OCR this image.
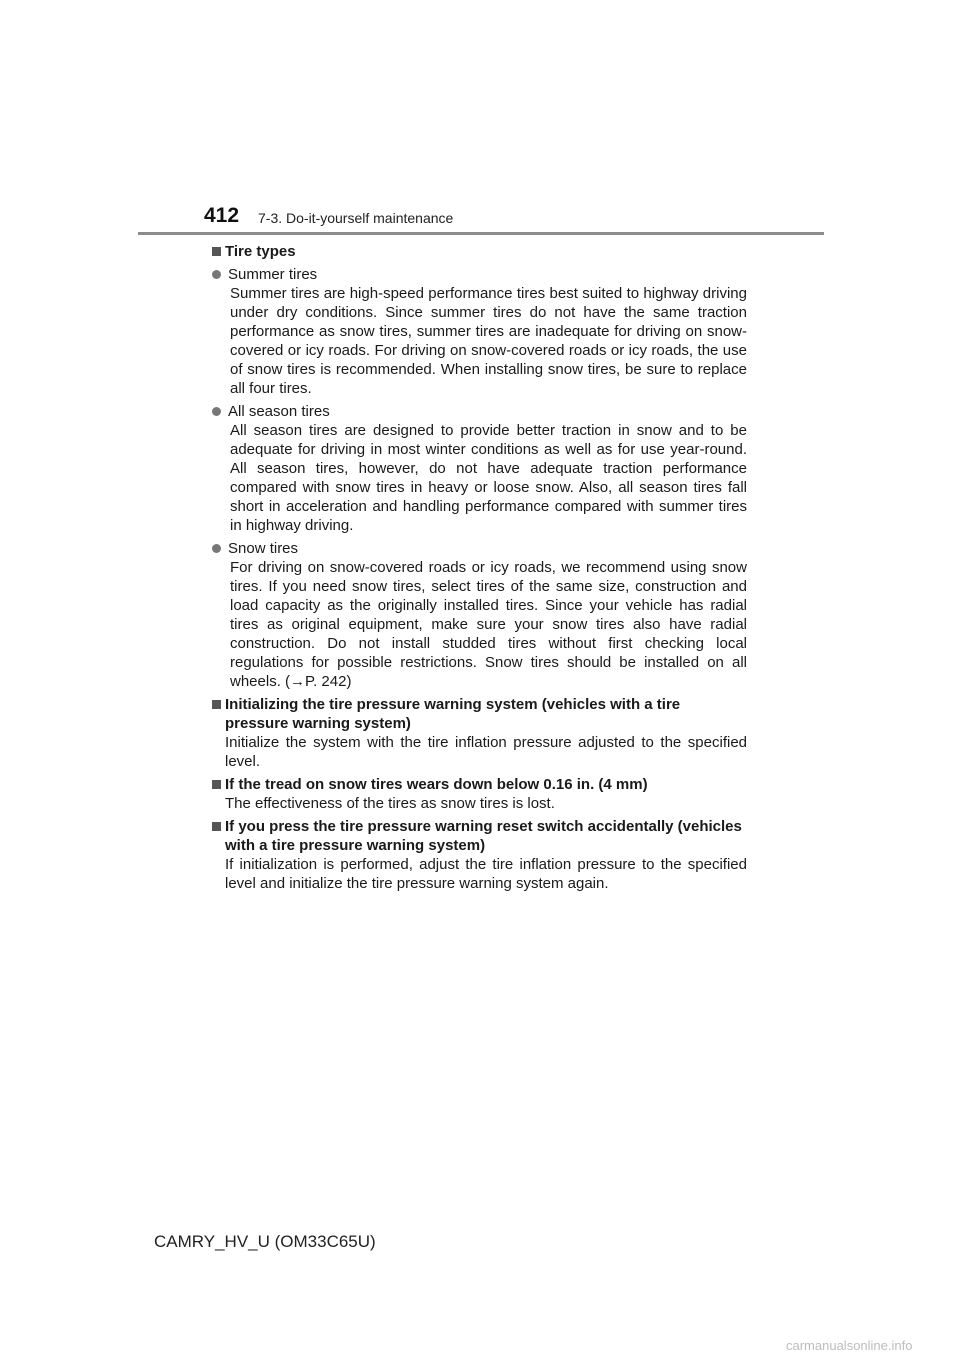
412 7-3. Do-it-yourself maintenance
Tire types
Summer tires
Summer tires are high-speed performance tires best suited to highway driving under dry conditions. Since summer tires do not have the same traction performance as snow tires, summer tires are inadequate for driving on snow-covered or icy roads. For driving on snow-covered roads or icy roads, the use of snow tires is recommended. When installing snow tires, be sure to replace all four tires.
All season tires
All season tires are designed to provide better traction in snow and to be adequate for driving in most winter conditions as well as for use year-round. All season tires, however, do not have adequate traction performance compared with snow tires in heavy or loose snow. Also, all season tires fall short in acceleration and handling performance compared with summer tires in highway driving.
Snow tires
For driving on snow-covered roads or icy roads, we recommend using snow tires. If you need snow tires, select tires of the same size, construction and load capacity as the originally installed tires. Since your vehicle has radial tires as original equipment, make sure your snow tires also have radial construction. Do not install studded tires without first checking local regulations for possible restrictions. Snow tires should be installed on all wheels. (→P. 242)
Initializing the tire pressure warning system (vehicles with a tire pressure warning system)
Initialize the system with the tire inflation pressure adjusted to the specified level.
If the tread on snow tires wears down below 0.16 in. (4 mm)
The effectiveness of the tires as snow tires is lost.
If you press the tire pressure warning reset switch accidentally (vehicles with a tire pressure warning system)
If initialization is performed, adjust the tire inflation pressure to the specified level and initialize the tire pressure warning system again.
CAMRY_HV_U (OM33C65U)
carmanualsonline.info
